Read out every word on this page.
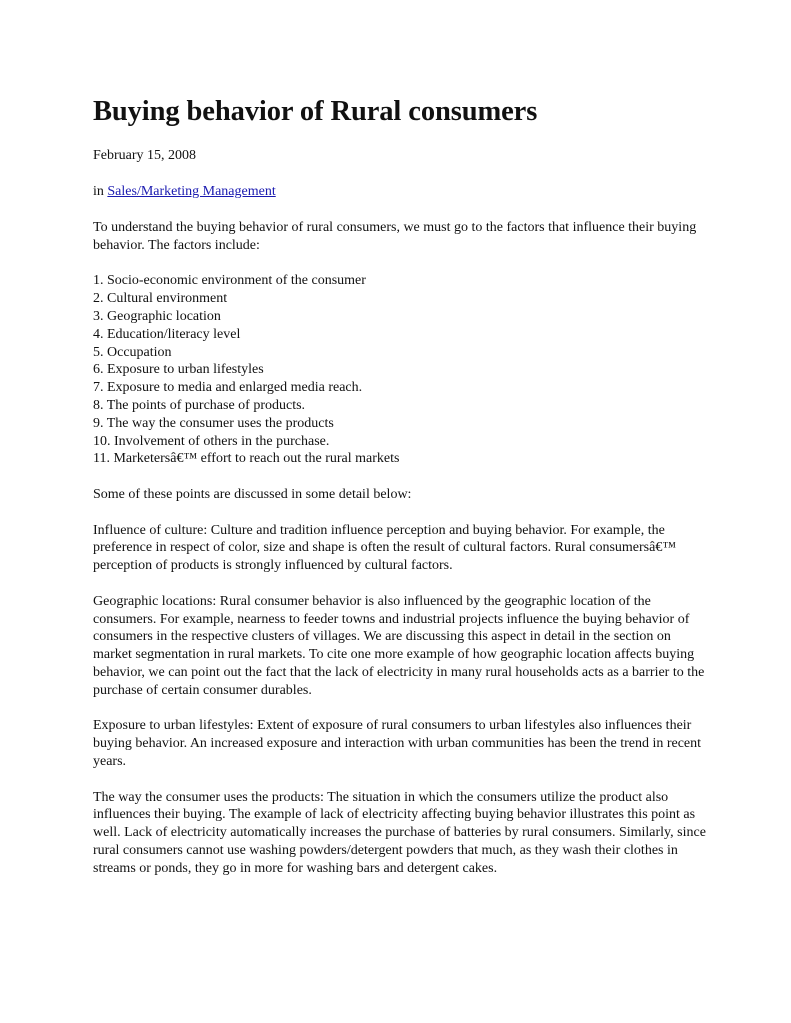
Buying behavior of Rural consumers
February 15, 2008
in Sales/Marketing Management

To understand the buying behavior of rural consumers, we must go to the factors that influence their buying behavior. The factors include:

1. Socio-economic environment of the consumer
2. Cultural environment
3. Geographic location
4. Education/literacy level
5. Occupation
6. Exposure to urban lifestyles
7. Exposure to media and enlarged media reach.
8. The points of purchase of products.
9. The way the consumer uses the products
10. Involvement of others in the purchase.
11. Marketersâ€™ effort to reach out the rural markets

Some of these points are discussed in some detail below:

Influence of culture: Culture and tradition influence perception and buying behavior. For example, the preference in respect of color, size and shape is often the result of cultural factors. Rural consumersâ€™ perception of products is strongly influenced by cultural factors.

Geographic locations: Rural consumer behavior is also influenced by the geographic location of the consumers. For example, nearness to feeder towns and industrial projects influence the buying behavior of consumers in the respective clusters of villages. We are discussing this aspect in detail in the section on market segmentation in rural markets. To cite one more example of how geographic location affects buying behavior, we can point out the fact that the lack of electricity in many rural households acts as a barrier to the purchase of certain consumer durables.

Exposure to urban lifestyles: Extent of exposure of rural consumers to urban lifestyles also influences their buying behavior. An increased exposure and interaction with urban communities has been the trend in recent years.

The way the consumer uses the products: The situation in which the consumers utilize the product also influences their buying. The example of lack of electricity affecting buying behavior illustrates this point as well. Lack of electricity automatically increases the purchase of batteries by rural consumers. Similarly, since rural consumers cannot use washing powders/detergent powders that much, as they wash their clothes in streams or ponds, they go in more for washing bars and detergent cakes.
